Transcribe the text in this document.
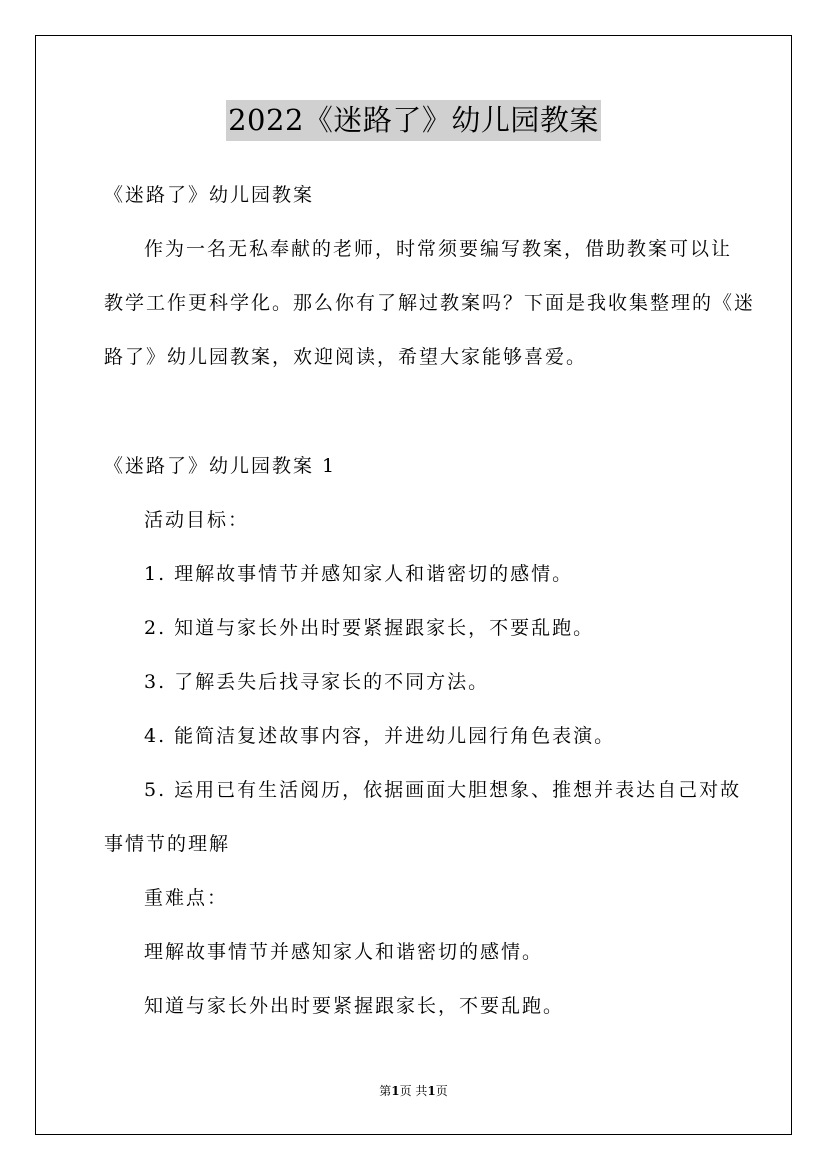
2022《迷路了》幼儿园教案
《迷路了》幼儿园教案
作为一名无私奉献的老师，时常须要编写教案，借助教案可以让
教学工作更科学化。那么你有了解过教案吗？下面是我收集整理的《迷
路了》幼儿园教案，欢迎阅读，希望大家能够喜爱。
《迷路了》幼儿园教案 1
活动目标：
1. 理解故事情节并感知家人和谐密切的感情。
2. 知道与家长外出时要紧握跟家长，不要乱跑。
3. 了解丢失后找寻家长的不同方法。
4. 能简洁复述故事内容，并进幼儿园行角色表演。
5. 运用已有生活阅历，依据画面大胆想象、推想并表达自己对故
事情节的理解
重难点：
理解故事情节并感知家人和谐密切的感情。
知道与家长外出时要紧握跟家长，不要乱跑。
第1页 共1页
